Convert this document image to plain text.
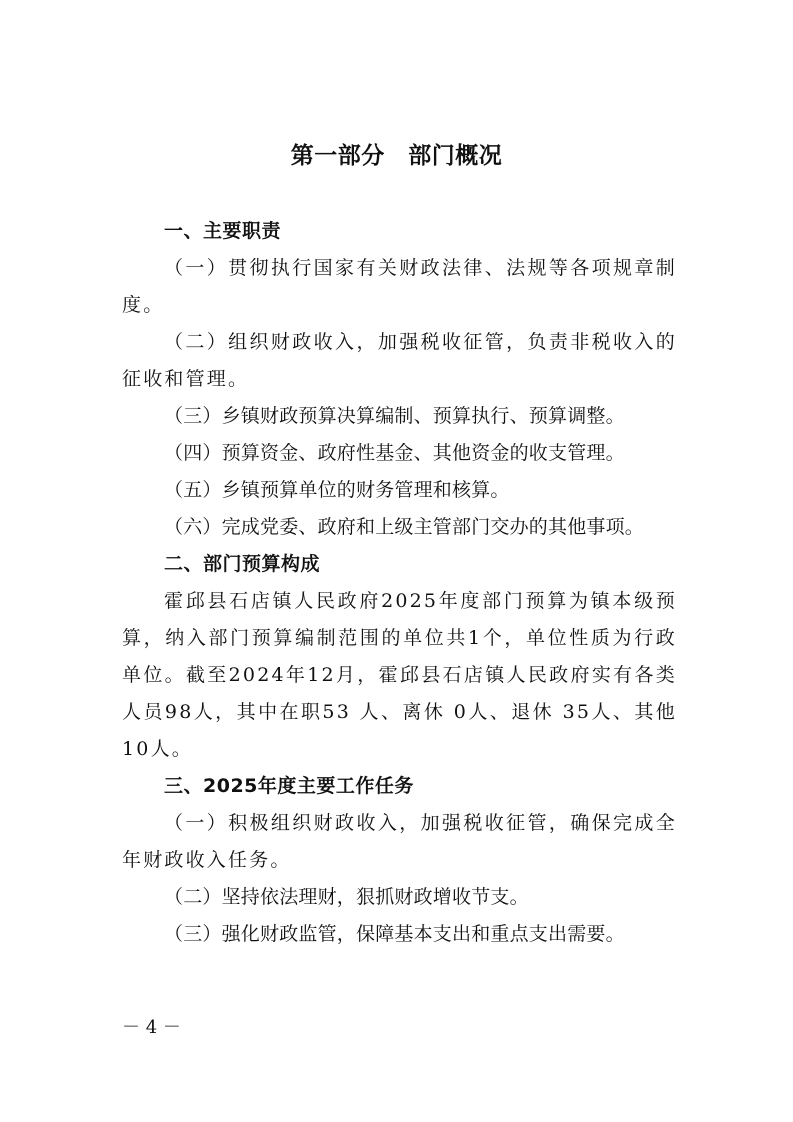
第一部分　部门概况

一、主要职责

（一）贯彻执行国家有关财政法律、法规等各项规章制度。

（二）组织财政收入，加强税收征管，负责非税收入的征收和管理。

（三）乡镇财政预算决算编制、预算执行、预算调整。

（四）预算资金、政府性基金、其他资金的收支管理。

（五）乡镇预算单位的财务管理和核算。

（六）完成党委、政府和上级主管部门交办的其他事项。

二、部门预算构成

霍邱县石店镇人民政府2025年度部门预算为镇本级预算，纳入部门预算编制范围的单位共1个，单位性质为行政单位。截至2024年12月，霍邱县石店镇人民政府实有各类人员98人，其中在职53 人、离休 0人、退休 35人、其他10人。

三、2025年度主要工作任务

（一）积极组织财政收入，加强税收征管，确保完成全年财政收入任务。

（二）坚持依法理财，狠抓财政增收节支。

（三）强化财政监管，保障基本支出和重点支出需要。

－ 4 －
